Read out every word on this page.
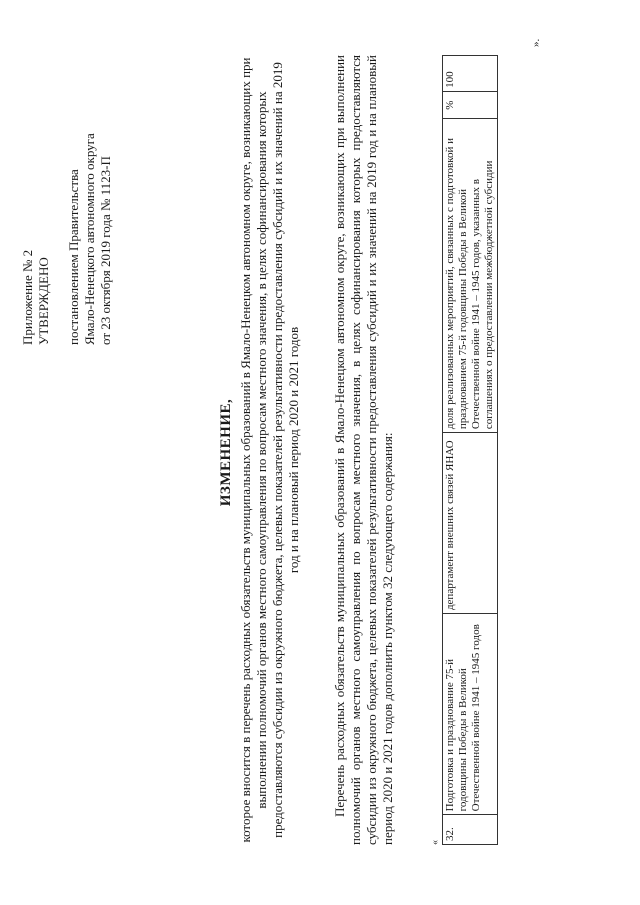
Приложение № 2 УТВЕРЖДЕНО постановлением Правительства Ямало-Ненецкого автономного округа от 23 октября 2019 года № 1123-П
ИЗМЕНЕНИЕ, которое вносится в перечень расходных обязательств муниципальных образований в Ямало-Ненецком автономном округе, возникающих при выполнении полномочий органов местного самоуправления по вопросам местного значения, в целях софинансирования которых предоставляются субсидии из окружного бюджета, целевых показателей результативности предоставления субсидий и их значений на 2019 год и на плановый период 2020 и 2021 годов Перечень расходных обязательств муниципальных образований в Ямало-Ненецком автономном округе, возникающих при выполнении полномочий органов местного самоуправления по вопросам местного значения, в целях софинансирования которых предоставляются субсидии из окружного бюджета, целевых показателей результативности предоставления субсидий и их значений на 2019 год и на плановый период 2020 и 2021 годов дополнить пунктом 32 следующего содержания:	«
32.	Подготовка и празднование 75-й годовщины Победы в Великой Отечественной войне 1941 – 1945 годов	департамент внешних связей ЯНАО	доля реализованных мероприятий, связанных с подготовкой и празднованием 75-й годовщины Победы в Великой Отечественной войне 1941 – 1945 годов, указанных в соглашениях о предоставлении межбюджетной субсидии	%	100
».
